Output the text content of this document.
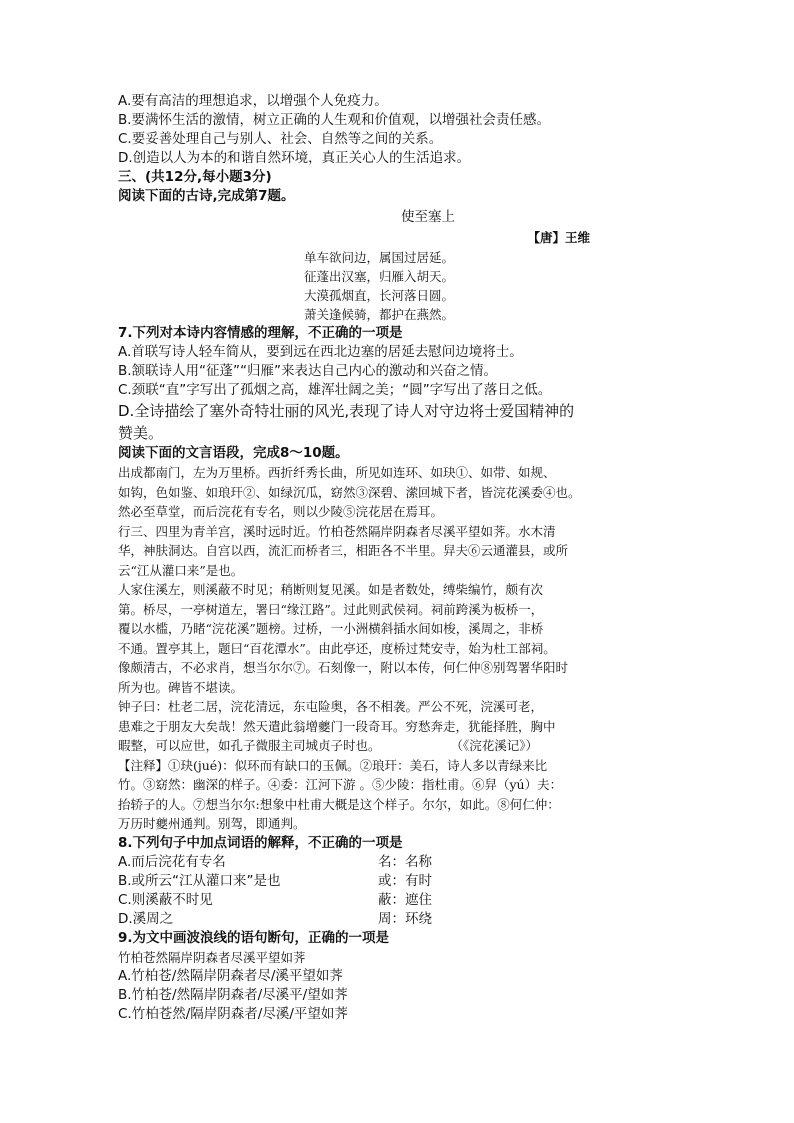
A.要有高洁的理想追求，以增强个人免疫力。
B.要满怀生活的激情，树立正确的人生观和价值观，以增强社会责任感。
C.要妥善处理自己与别人、社会、自然等之间的关系。
D.创造以人为本的和谐自然环境，真正关心人的生活追求。
三、(共12分,每小题3分)
阅读下面的古诗,完成第7题。
使至塞上
【唐】王维
单车欲问边，属国过居延。
征蓬出汉塞，归雁入胡天。
大漠孤烟直，长河落日圆。
萧关逢候骑，都护在燕然。
7.下列对本诗内容情感的理解，不正确的一项是
A.首联写诗人轻车简从，要到远在西北边塞的居延去慰问边境将士。
B.颔联诗人用“征蓬”“归雁”来表达自己内心的激动和兴奋之情。
C.颈联“直”字写出了孤烟之高，雄浑壮阔之美；“圆”字写出了落日之低。
D.全诗描绘了塞外奇特壮丽的风光,表现了诗人对守边将士爱国精神的
赞美。
阅读下面的文言语段，完成8～10题。
出成都南门，左为万里桥。西折纤秀长曲，所见如连环、如玦①、如带、如规、
如钩，色如鉴、如琅玕②、如绿沉瓜，窈然③深碧、潆回城下者，皆浣花溪委④也。
然必至草堂，而后浣花有专名，则以少陵⑤浣花居在焉耳。
行三、四里为青羊宫，溪时远时近。竹柏苍然隔岸阴森者尽溪平望如荠。水木清
华，神肤洞达。自宫以西，流汇而桥者三，相距各不半里。舁夫⑥云通灌县，或所
云“江从灌口来”是也。
人家住溪左，则溪蔽不时见；稍断则复见溪。如是者数处，缚柴编竹，颇有次
第。桥尽，一亭树道左，署曰“缘江路”。过此则武侯祠。祠前跨溪为板桥一，
覆以水槛，乃睹“浣花溪”题榜。过桥，一小洲横斜插水间如梭，溪周之，非桥
不通。置亭其上，题曰“百花潭水”。由此亭还，度桥过梵安寺，始为杜工部祠。
像颇清古，不必求肖，想当尔尔⑦。石刻像一，附以本传，何仁仲⑧别驾署华阳时
所为也。碑皆不堪读。
钟子曰：杜老二居，浣花清远，东屯险奥，各不相袭。严公不死，浣溪可老，
患难之于朋友大矣哉！然天遣此翁增夔门一段奇耳。穷愁奔走，犹能择胜，胸中
暇整，可以应世，如孔子微服主司城贞子时也。	（《浣花溪记》）
【注释】①玦(jué)：似环而有缺口的玉佩。②琅玕：美石，诗人多以青绿来比
竹。③窈然：幽深的样子。④委：江河下游 。⑤少陵：指杜甫。⑥舁（yú）夫：
抬轿子的人。⑦想当尔尔:想象中杜甫大概是这个样子。尔尔，如此。⑧何仁仲：
万历时夔州通判。别驾，即通判。
8.下列句子中加点词语的解释，不正确的一项是
A.而后浣花有专名	名：名称
B.或所云“江从灌口来”是也	或：有时
C.则溪蔽不时见	蔽：遮住
D.溪周之	周：环绕
9.为文中画波浪线的语句断句，正确的一项是
竹柏苍然隔岸阴森者尽溪平望如荠
A.竹柏苍/然隔岸阴森者尽/溪平望如荠
B.竹柏苍/然隔岸阴森者/尽溪平/望如荠
C.竹柏苍然/隔岸阴森者/尽溪/平望如荠
